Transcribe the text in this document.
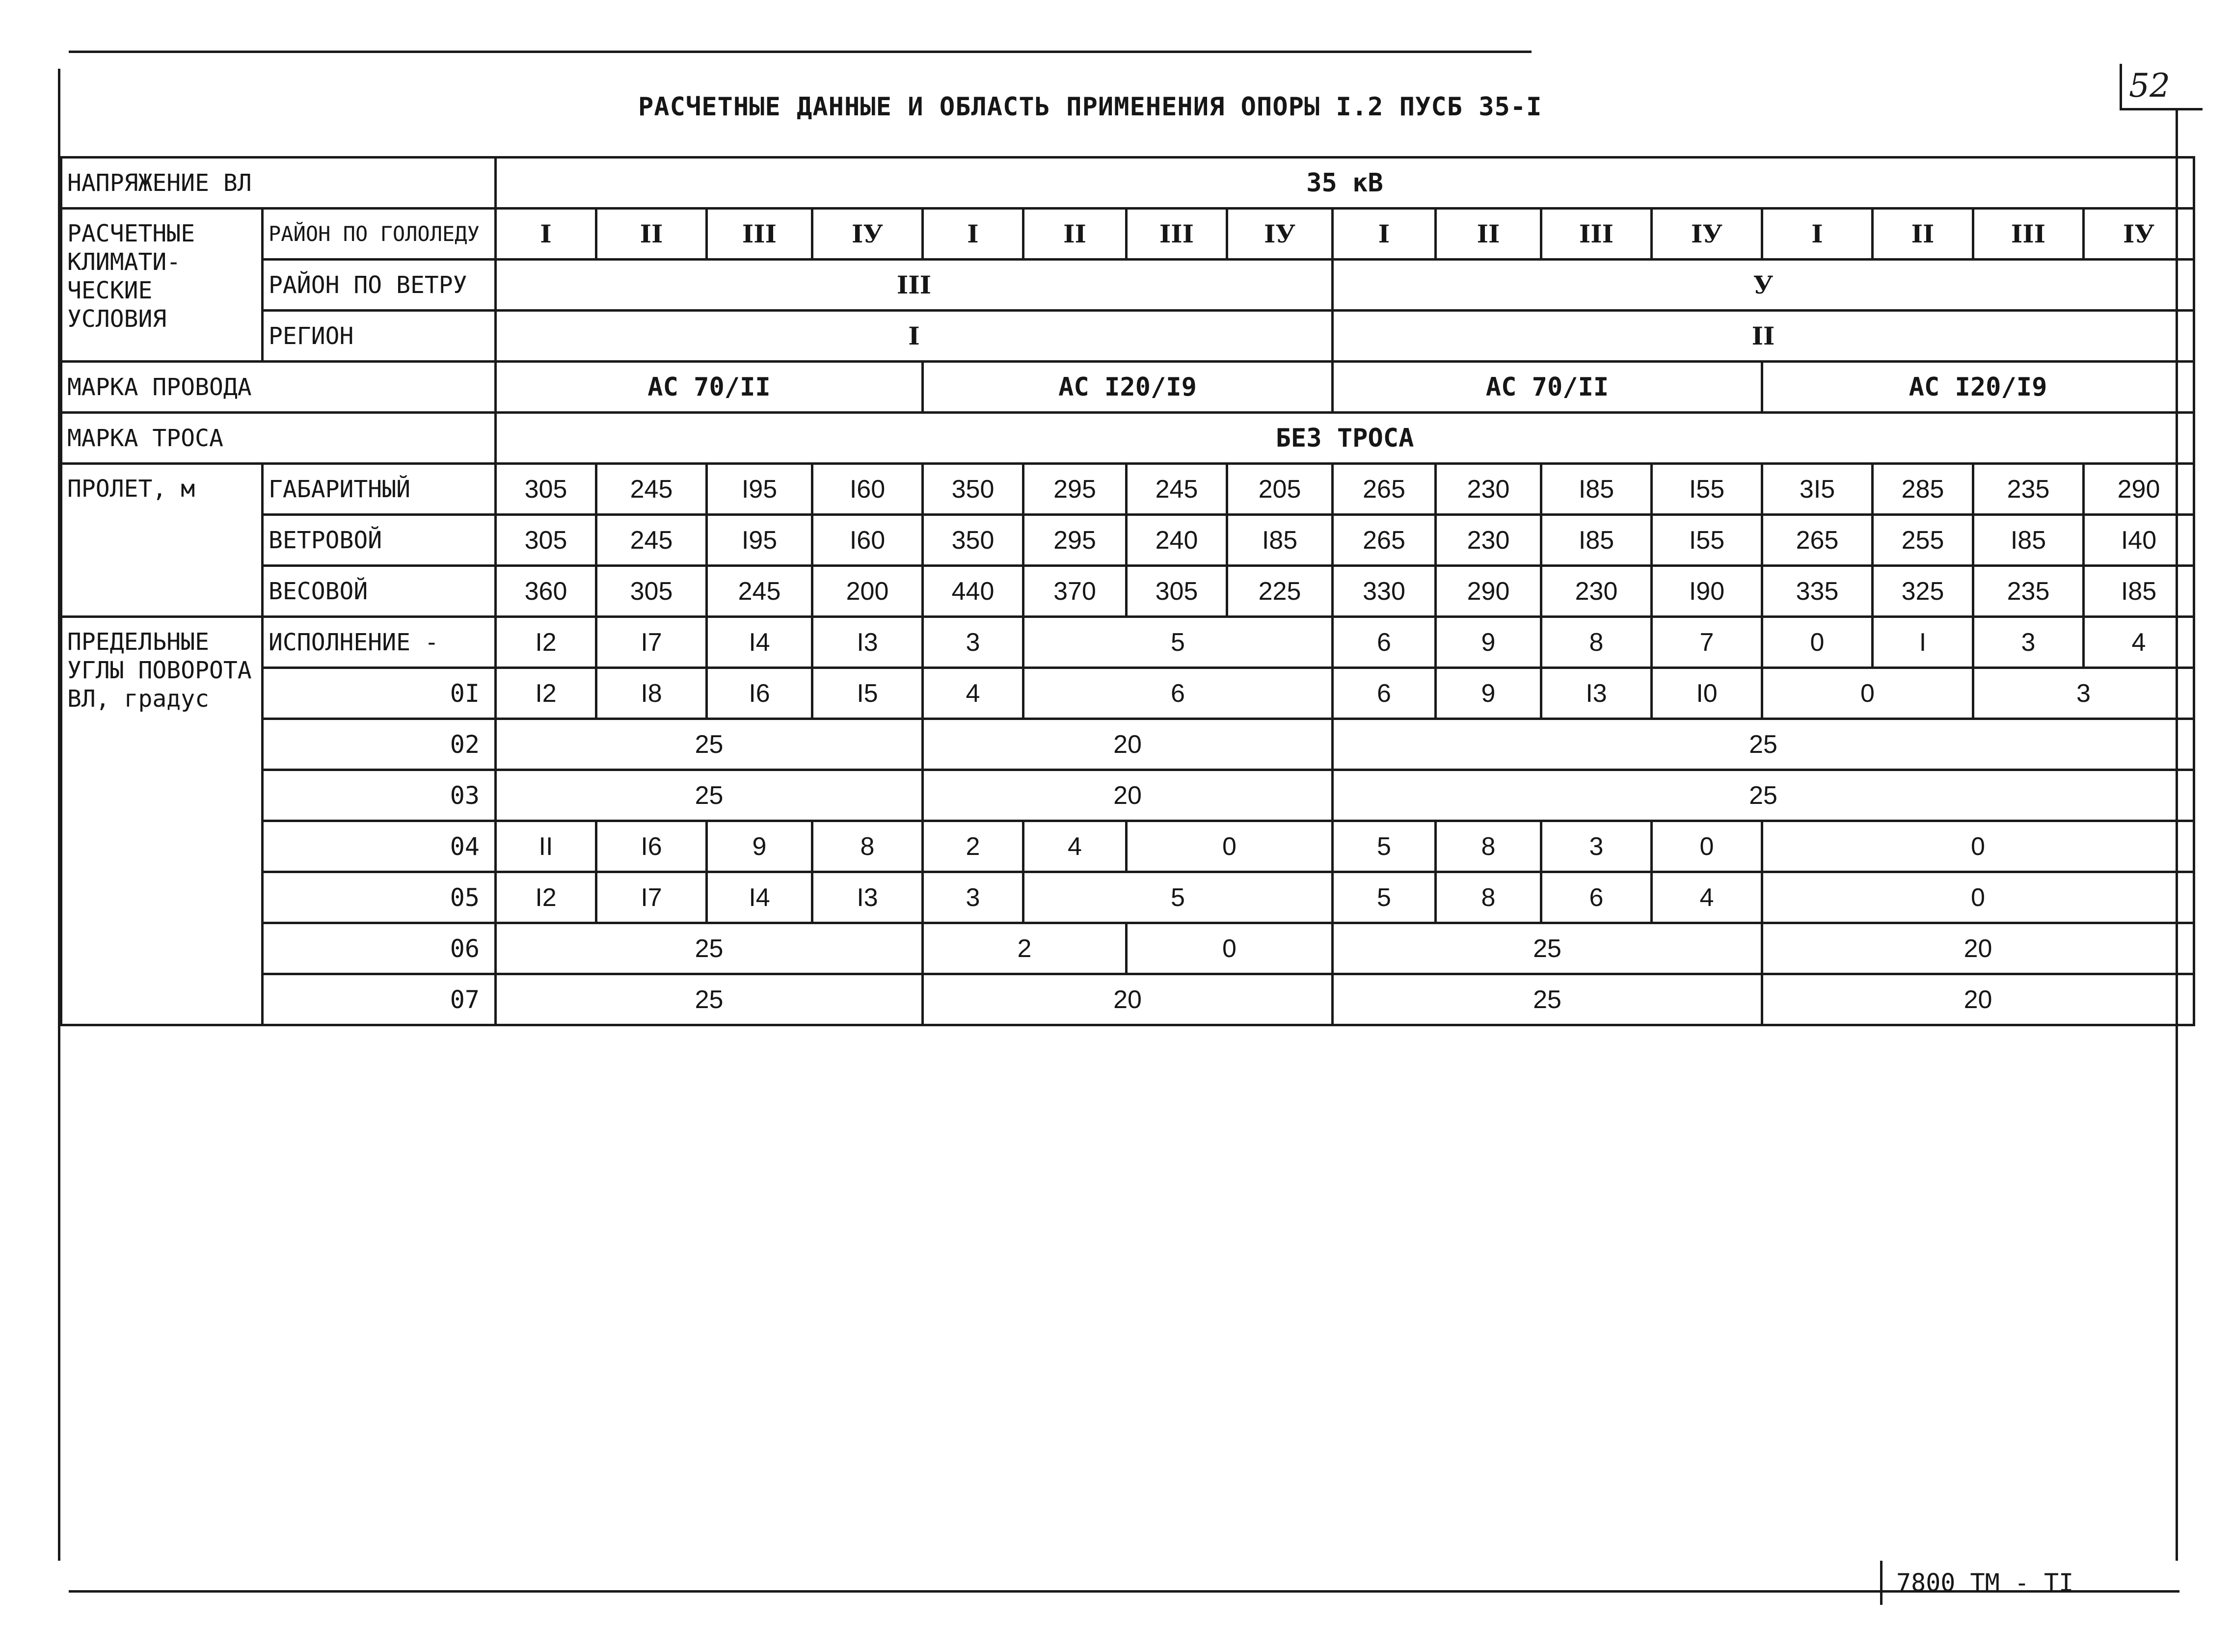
52
РАСЧЕТНЫЕ ДАННЫЕ И ОБЛАСТЬ ПРИМЕНЕНИЯ ОПОРЫ I.2 ПУСБ 35-I
НАПРЯЖЕНИЕ ВЛ		35 кВ															
РАСЧЕТНЫЕ КЛИМАТИ-ЧЕСКИЕ УСЛОВИЯ	РАЙОН ПО ГОЛОЛЕДУ	I	II	III	IУ	I	II	III	IУ	I	II	III	IУ	I	II	III	IУ
	РАЙОН ПО ВЕТРУ	III								У							
	РЕГИОН	I								II							
МАРКА ПРОВОДА		АС 70/II				АС I20/I9				АС 70/II				АС I20/I9			
МАРКА ТРОСА		БЕЗ ТРОСА															
ПРОЛЕТ, м	ГАБАРИТНЫЙ	305	245	I95	I60	350	295	245	205	265	230	I85	I55	3I5	285	235	290
	ВЕТРОВОЙ	305	245	I95	I60	350	295	240	I85	265	230	I85	I55	265	255	I85	I40
	ВЕСОВОЙ	360	305	245	200	440	370	305	225	330	290	230	I90	335	325	235	I85
ПРЕДЕЛЬНЫЕ УГЛЫ ПОВОРОТА ВЛ, градус	ИСПОЛНЕНИЕ -	I2	I7	I4	I3	3	5			6	9	8	7	0	I	3	4
	0I	I2	I8	I6	I5	4	6			6	9	I3	I0	0		3	
	02	25				20				25							
	03	25				20				25							
	04	II	I6	9	8	2	4	0		5	8	3	0	0			
	05	I2	I7	I4	I3	3	5			5	8	6	4	0			
	06	25				2		0		25				20			
	07	25				20				25				20			
7800 ТМ - ТI
